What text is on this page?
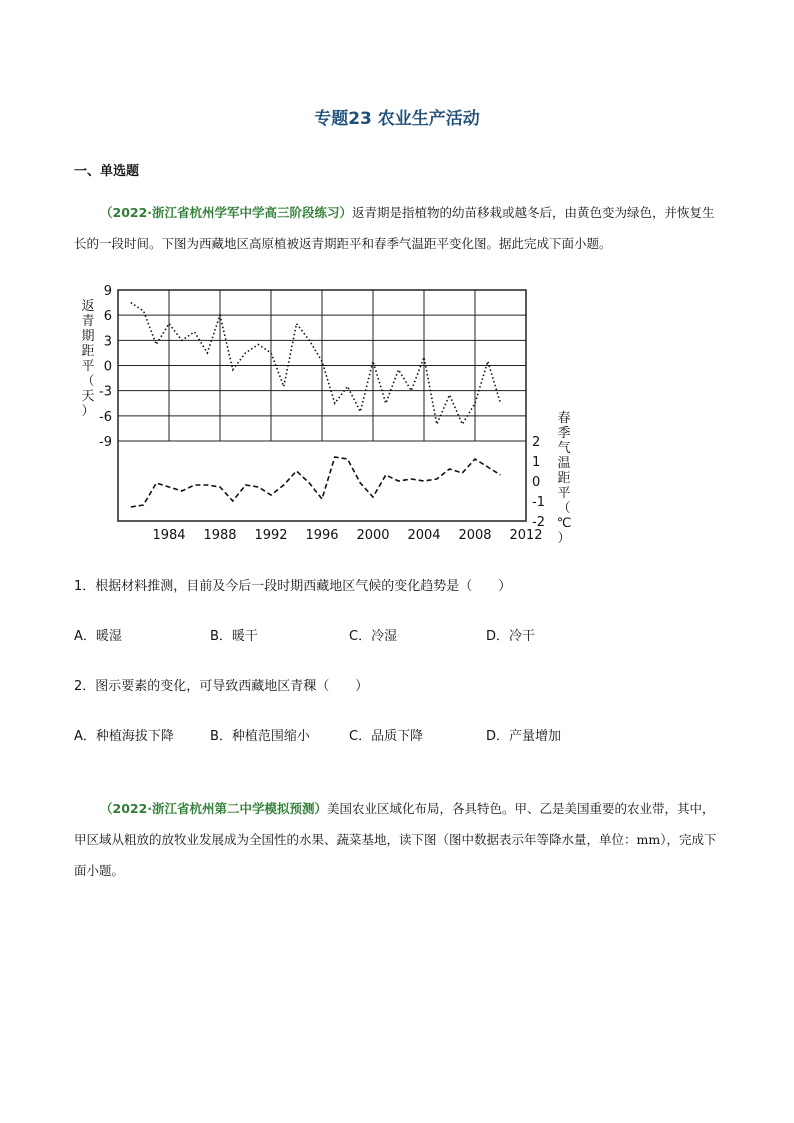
专题23 农业生产活动
一、单选题
（2022·浙江省杭州学军中学高三阶段练习）返青期是指植物的幼苗移栽或越冬后，由黄色变为绿色，并恢复生长的一段时间。下图为西藏地区高原植被返青期距平和春季气温距平变化图。据此完成下面小题。
9
6
3
0
-3
-6
-9	2
1
0
-1
-2
1984 1988 1992 1996 2000 2004 2008 2012
返青期距平（天）	春季气温距平（℃）
1．根据材料推测，目前及今后一段时期西藏地区气候的变化趋势是（　　）
A．暖湿	B．暖干	C．冷湿	D．冷干
2．图示要素的变化，可导致西藏地区青稞（　　）
A．种植海拔下降	B．种植范围缩小	C．品质下降	D．产量增加
（2022·浙江省杭州第二中学模拟预测）美国农业区域化布局，各具特色。甲、乙是美国重要的农业带，其中，甲区域从粗放的放牧业发展成为全国性的水果、蔬菜基地，读下图（图中数据表示年等降水量，单位：mm），完成下面小题。
